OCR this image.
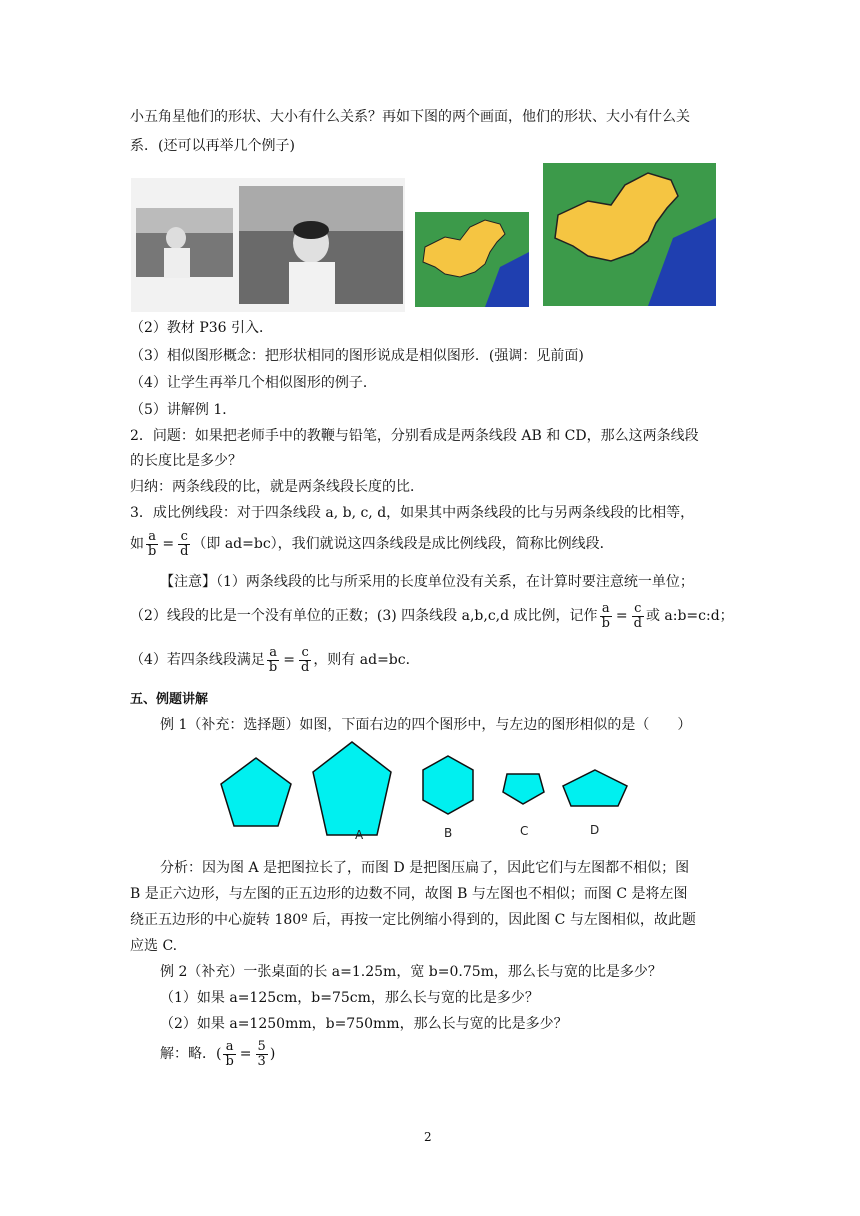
小五角星他们的形状、大小有什么关系？再如下图的两个画面，他们的形状、大小有什么关
系．(还可以再举几个例子)
（2）教材 P36 引入．
（3）相似图形概念：把形状相同的图形说成是相似图形．(强调：见前面)
（4）让学生再举几个相似图形的例子．
（5）讲解例 1．
2．问题：如果把老师手中的教鞭与铅笔，分别看成是两条线段 AB 和 CD，那么这两条线段
的长度比是多少？
归纳：两条线段的比，就是两条线段长度的比．
3．成比例线段：对于四条线段 a, b, c, d，如果其中两条线段的比与另两条线段的比相等，
如 $\frac{a}{b} = \frac{c}{d}$ （即 ad=bc），我们就说这四条线段是成比例线段，简称比例线段．
【注意】（1）两条线段的比与所采用的长度单位没有关系，在计算时要注意统一单位；
（2）线段的比是一个没有单位的正数；(3) 四条线段 a,b,c,d 成比例，记作 $\frac{a}{b} = \frac{c}{d}$ 或 a:b=c:d；
（4）若四条线段满足 $\frac{a}{b} = \frac{c}{d}$ ，则有 ad=bc．
五、例题讲解
例 1（补充：选择题）如图，下面右边的四个图形中，与左边的图形相似的是（　　）
A	B	C	D
分析：因为图 A 是把图拉长了，而图 D 是把图压扁了，因此它们与左图都不相似；图
B 是正六边形，与左图的正五边形的边数不同，故图 B 与左图也不相似；而图 C 是将左图
绕正五边形的中心旋转 180º 后，再按一定比例缩小得到的，因此图 C 与左图相似，故此题
应选 C.
例 2（补充）一张桌面的长 a=1.25m，宽 b=0.75m，那么长与宽的比是多少？
（1）如果 a=125cm，b=75cm，那么长与宽的比是多少？
（2）如果 a=1250mm，b=750mm，那么长与宽的比是多少？
解：略．( $\frac{a}{b} = \frac{5}{3}$ )
2
